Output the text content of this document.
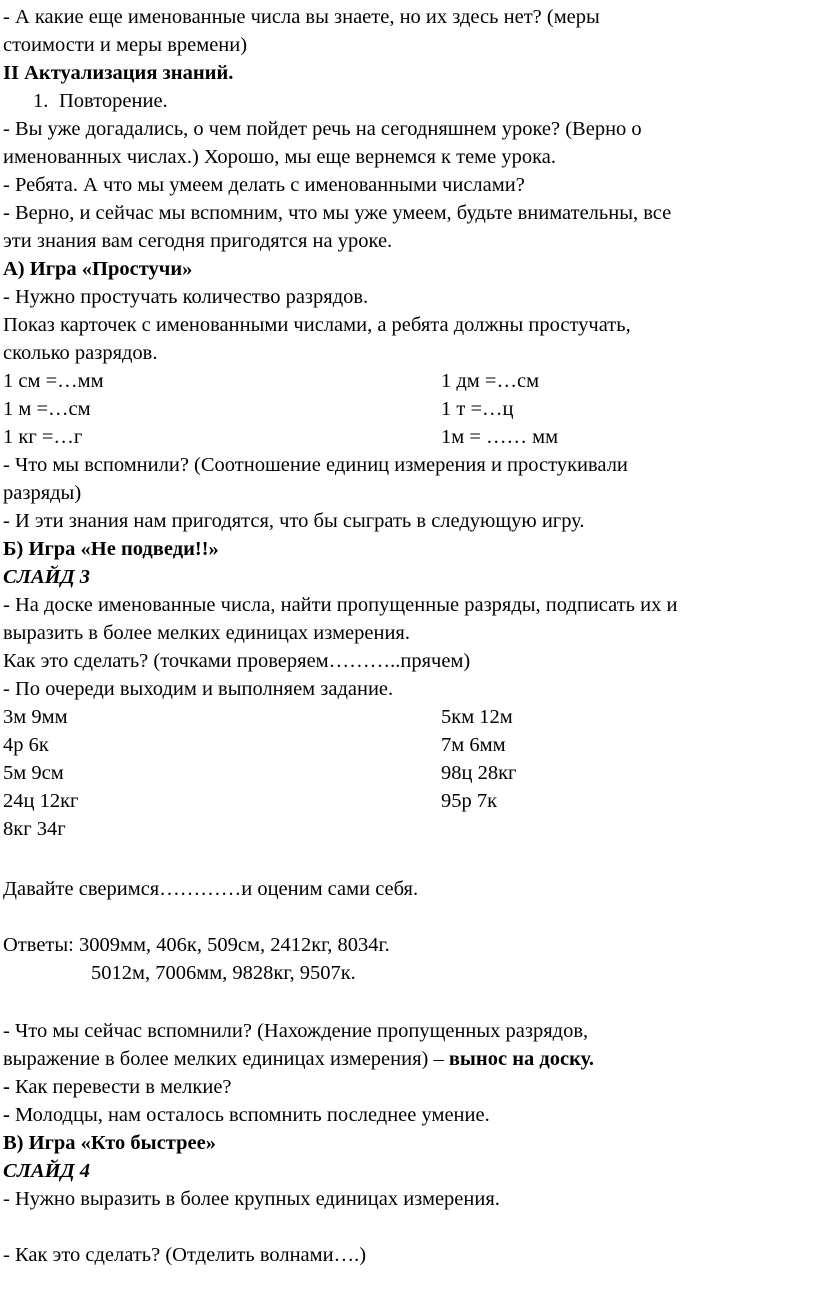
- А какие еще именованные числа вы знаете, но их здесь нет? (меры
стоимости и меры времени)
II Актуализация знаний.
1. Повторение.
- Вы уже догадались, о чем пойдет речь на сегодняшнем уроке? (Верно о
именованных числах.) Хорошо, мы еще вернемся к теме урока.
- Ребята. А что мы умеем делать с именованными числами?
- Верно, и сейчас мы вспомним, что мы уже умеем, будьте внимательны, все
эти знания вам сегодня пригодятся на уроке.
А) Игра «Простучи»
- Нужно простучать количество разрядов.
Показ карточек с именованными числами, а ребята должны простучать,
сколько разрядов.
1 см =…мм	1 дм =…см
1 м =…см	1 т =…ц
1 кг =…г	1м = …… мм
- Что мы вспомнили? (Соотношение единиц измерения и простукивали
разряды)
- И эти знания нам пригодятся, что бы сыграть в следующую игру.
Б) Игра «Не подведи!!»
СЛАЙД 3
- На доске именованные числа, найти пропущенные разряды, подписать их и
выразить в более мелких единицах измерения.
Как это сделать? (точками проверяем………..прячем)
- По очереди выходим и выполняем задание.
3м 9мм	5км 12м
4р 6к	7м 6мм
5м 9см	98ц 28кг
24ц 12кг	95р 7к
8кг 34г
Давайте сверимся…………и оценим сами себя.
Ответы: 3009мм, 406к, 509см, 2412кг, 8034г.
5012м, 7006мм, 9828кг, 9507к.
- Что мы сейчас вспомнили? (Нахождение пропущенных разрядов,
выражение в более мелких единицах измерения) – вынос на доску.
- Как перевести в мелкие?
- Молодцы, нам осталось вспомнить последнее умение.
В) Игра «Кто быстрее»
СЛАЙД 4
- Нужно выразить в более крупных единицах измерения.
- Как это сделать? (Отделить волнами….)
